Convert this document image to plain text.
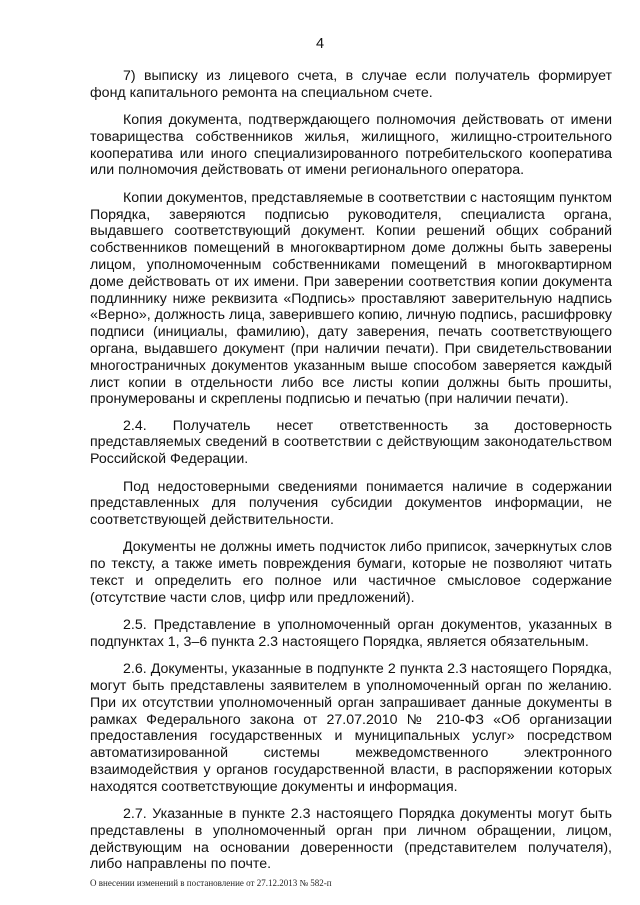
4

7) выписку из лицевого счета, в случае если получатель формирует фонд капитального ремонта на специальном счете.

Копия документа, подтверждающего полномочия действовать от имени товарищества собственников жилья, жилищного, жилищно-строительного кооператива или иного специализированного потребительского кооператива или полномочия действовать от имени регионального оператора.

Копии документов, представляемые в соответствии с настоящим пунктом Порядка, заверяются подписью руководителя, специалиста органа, выдавшего соответствующий документ. Копии решений общих собраний собственников помещений в многоквартирном доме должны быть заверены лицом, уполномоченным собственниками помещений в многоквартирном доме действовать от их имени. При заверении соответствия копии документа подлиннику ниже реквизита «Подпись» проставляют заверительную надпись «Верно», должность лица, заверившего копию, личную подпись, расшифровку подписи (инициалы, фамилию), дату заверения, печать соответствующего органа, выдавшего документ (при наличии печати). При свидетельствовании многостраничных документов указанным выше способом заверяется каждый лист копии в отдельности либо все листы копии должны быть прошиты, пронумерованы и скреплены подписью и печатью (при наличии печати).

2.4. Получатель несет ответственность за достоверность представляемых сведений в соответствии с действующим законодательством Российской Федерации.

Под недостоверными сведениями понимается наличие в содержании представленных для получения субсидии документов информации, не соответствующей действительности.

Документы не должны иметь подчисток либо приписок, зачеркнутых слов по тексту, а также иметь повреждения бумаги, которые не позволяют читать текст и определить его полное или частичное смысловое содержание (отсутствие части слов, цифр или предложений).

2.5. Представление в уполномоченный орган документов, указанных в подпунктах 1, 3–6 пункта 2.3 настоящего Порядка, является обязательным.

2.6. Документы, указанные в подпункте 2 пункта 2.3 настоящего Порядка, могут быть представлены заявителем в уполномоченный орган по желанию. При их отсутствии уполномоченный орган запрашивает данные документы в рамках Федерального закона от 27.07.2010 № 210-ФЗ «Об организации предоставления государственных и муниципальных услуг» посредством автоматизированной системы межведомственного электронного взаимодействия у органов государственной власти, в распоряжении которых находятся соответствующие документы и информация.

2.7. Указанные в пункте 2.3 настоящего Порядка документы могут быть представлены в уполномоченный орган при личном обращении, лицом, действующим на основании доверенности (представителем получателя), либо направлены по почте.

О внесении изменений в постановление от 27.12.2013 № 582-п
